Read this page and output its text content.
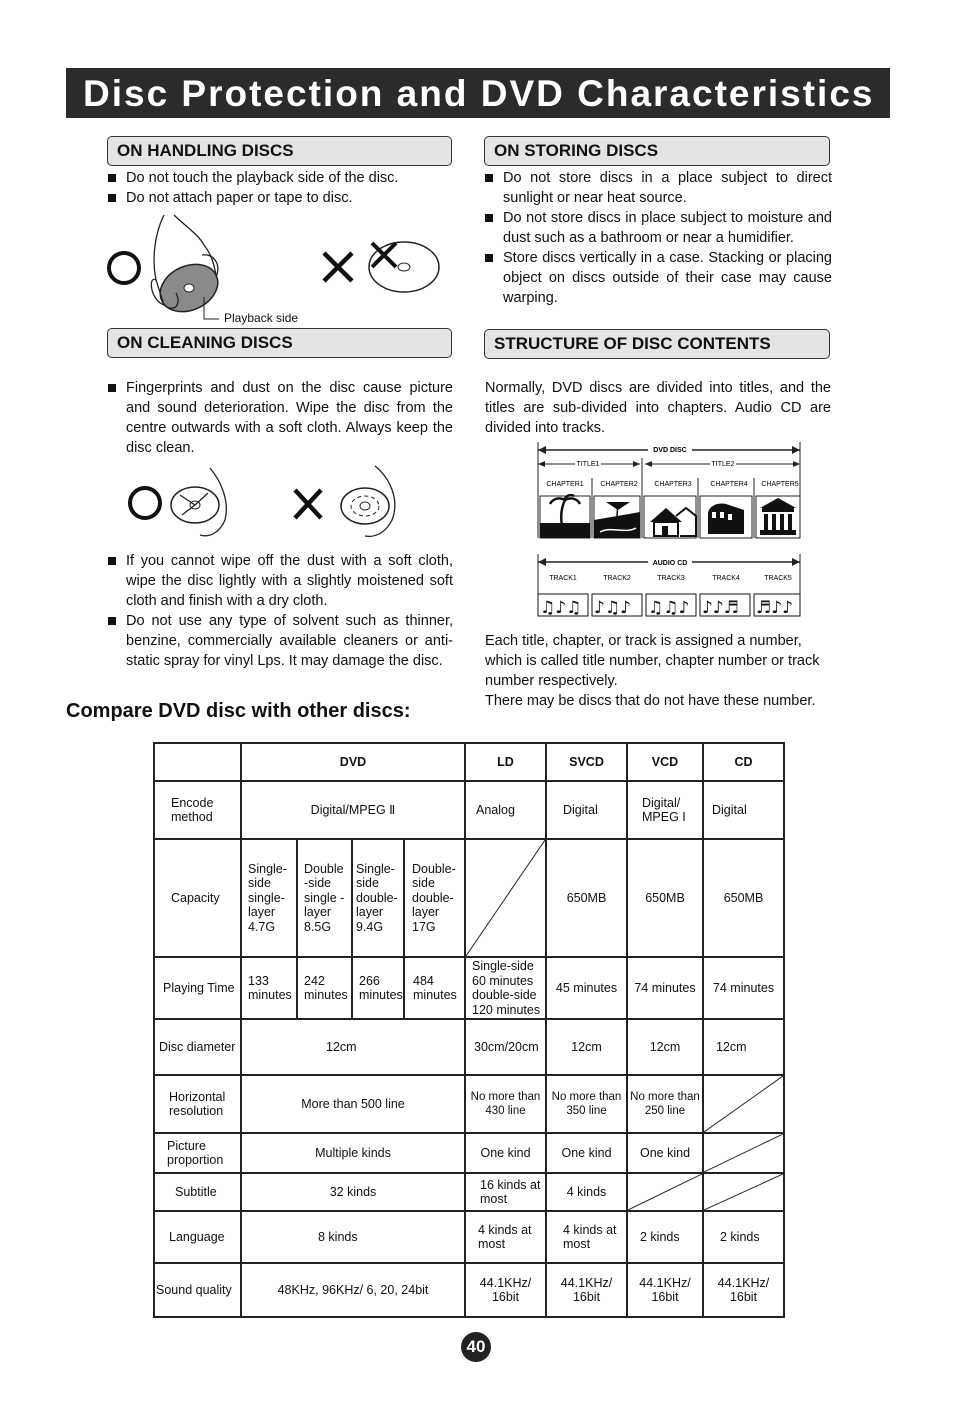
Disc Protection and DVD Characteristics
ON HANDLING DISCS
Do not touch the playback side of the disc.
Do not attach paper or tape to disc.
Playback side
ON STORING DISCS
Do not store discs in a place subject to direct sunlight or near heat source.
Do not store discs in place subject to moisture and dust such as a bathroom or near a humidifier.
Store discs vertically in a case. Stacking or placing object on discs outside of their case may cause warping.
ON CLEANING DISCS
Fingerprints and dust on the disc cause picture and sound deterioration. Wipe the disc from the centre outwards with a soft cloth. Always keep the disc clean.
If you cannot wipe off the dust with a soft cloth, wipe the disc lightly with a slightly moistened soft cloth and finish with a dry cloth.
Do not use any type of solvent such as thinner, benzine, commercially available cleaners or anti-static spray for vinyl Lps. It may damage the disc.
STRUCTURE OF DISC CONTENTS
Normally, DVD discs are divided into titles, and the titles are sub-divided into chapters. Audio CD are divided into tracks.
DVD DISC
TITLE1	TITLE2
CHAPTER1 CHAPTER2 CHAPTER3	CHAPTER4 CHAPTER5
AUDIO CD
TRACK1	TRACK2	TRACK3	TRACK4	TRACK5
♫♪♫ ♪♫♪ ♫♫♪ ♪♪♬ ♬♪♪
Each title, chapter, or track is assigned a number, which is called title number, chapter number or track number respectively.
There may be discs that do not have these number.
Compare DVD disc with other discs:
	DVD				LD	SVCD	VCD	CD
Encode method	Digital/MPEG Ⅱ				Analog	Digital	Digital/ MPEG I	Digital
Capacity	Single- side single- layer 4.7G	Double -side single -layer 8.5G	Single- side double- layer 9.4G	Double- side double- layer 17G		650MB	650MB	650MB
Playing Time	133 minutes	242 minutes	266 minutes	484 minutes	Single-side 60 minutes double-side 120 minutes	45 minutes	74 minutes	74 minutes
Disc diameter	12cm				30cm/20cm	12cm	12cm	12cm
Horizontal resolution	More than 500 line				No more than 430 line	No more than 350 line	No more than 250 line	

Picture proportion	Multiple kinds				One kind	One kind	One kind	

Subtitle	32 kinds				16 kinds at most	4 kinds	

Language	8 kinds				4 kinds at most	4 kinds at most	2 kinds	2 kinds
Sound quality	48KHz, 96KHz/ 6, 20, 24bit				44.1KHz/ 16bit	44.1KHz/ 16bit	44.1KHz/ 16bit	44.1KHz/ 16bit
40
